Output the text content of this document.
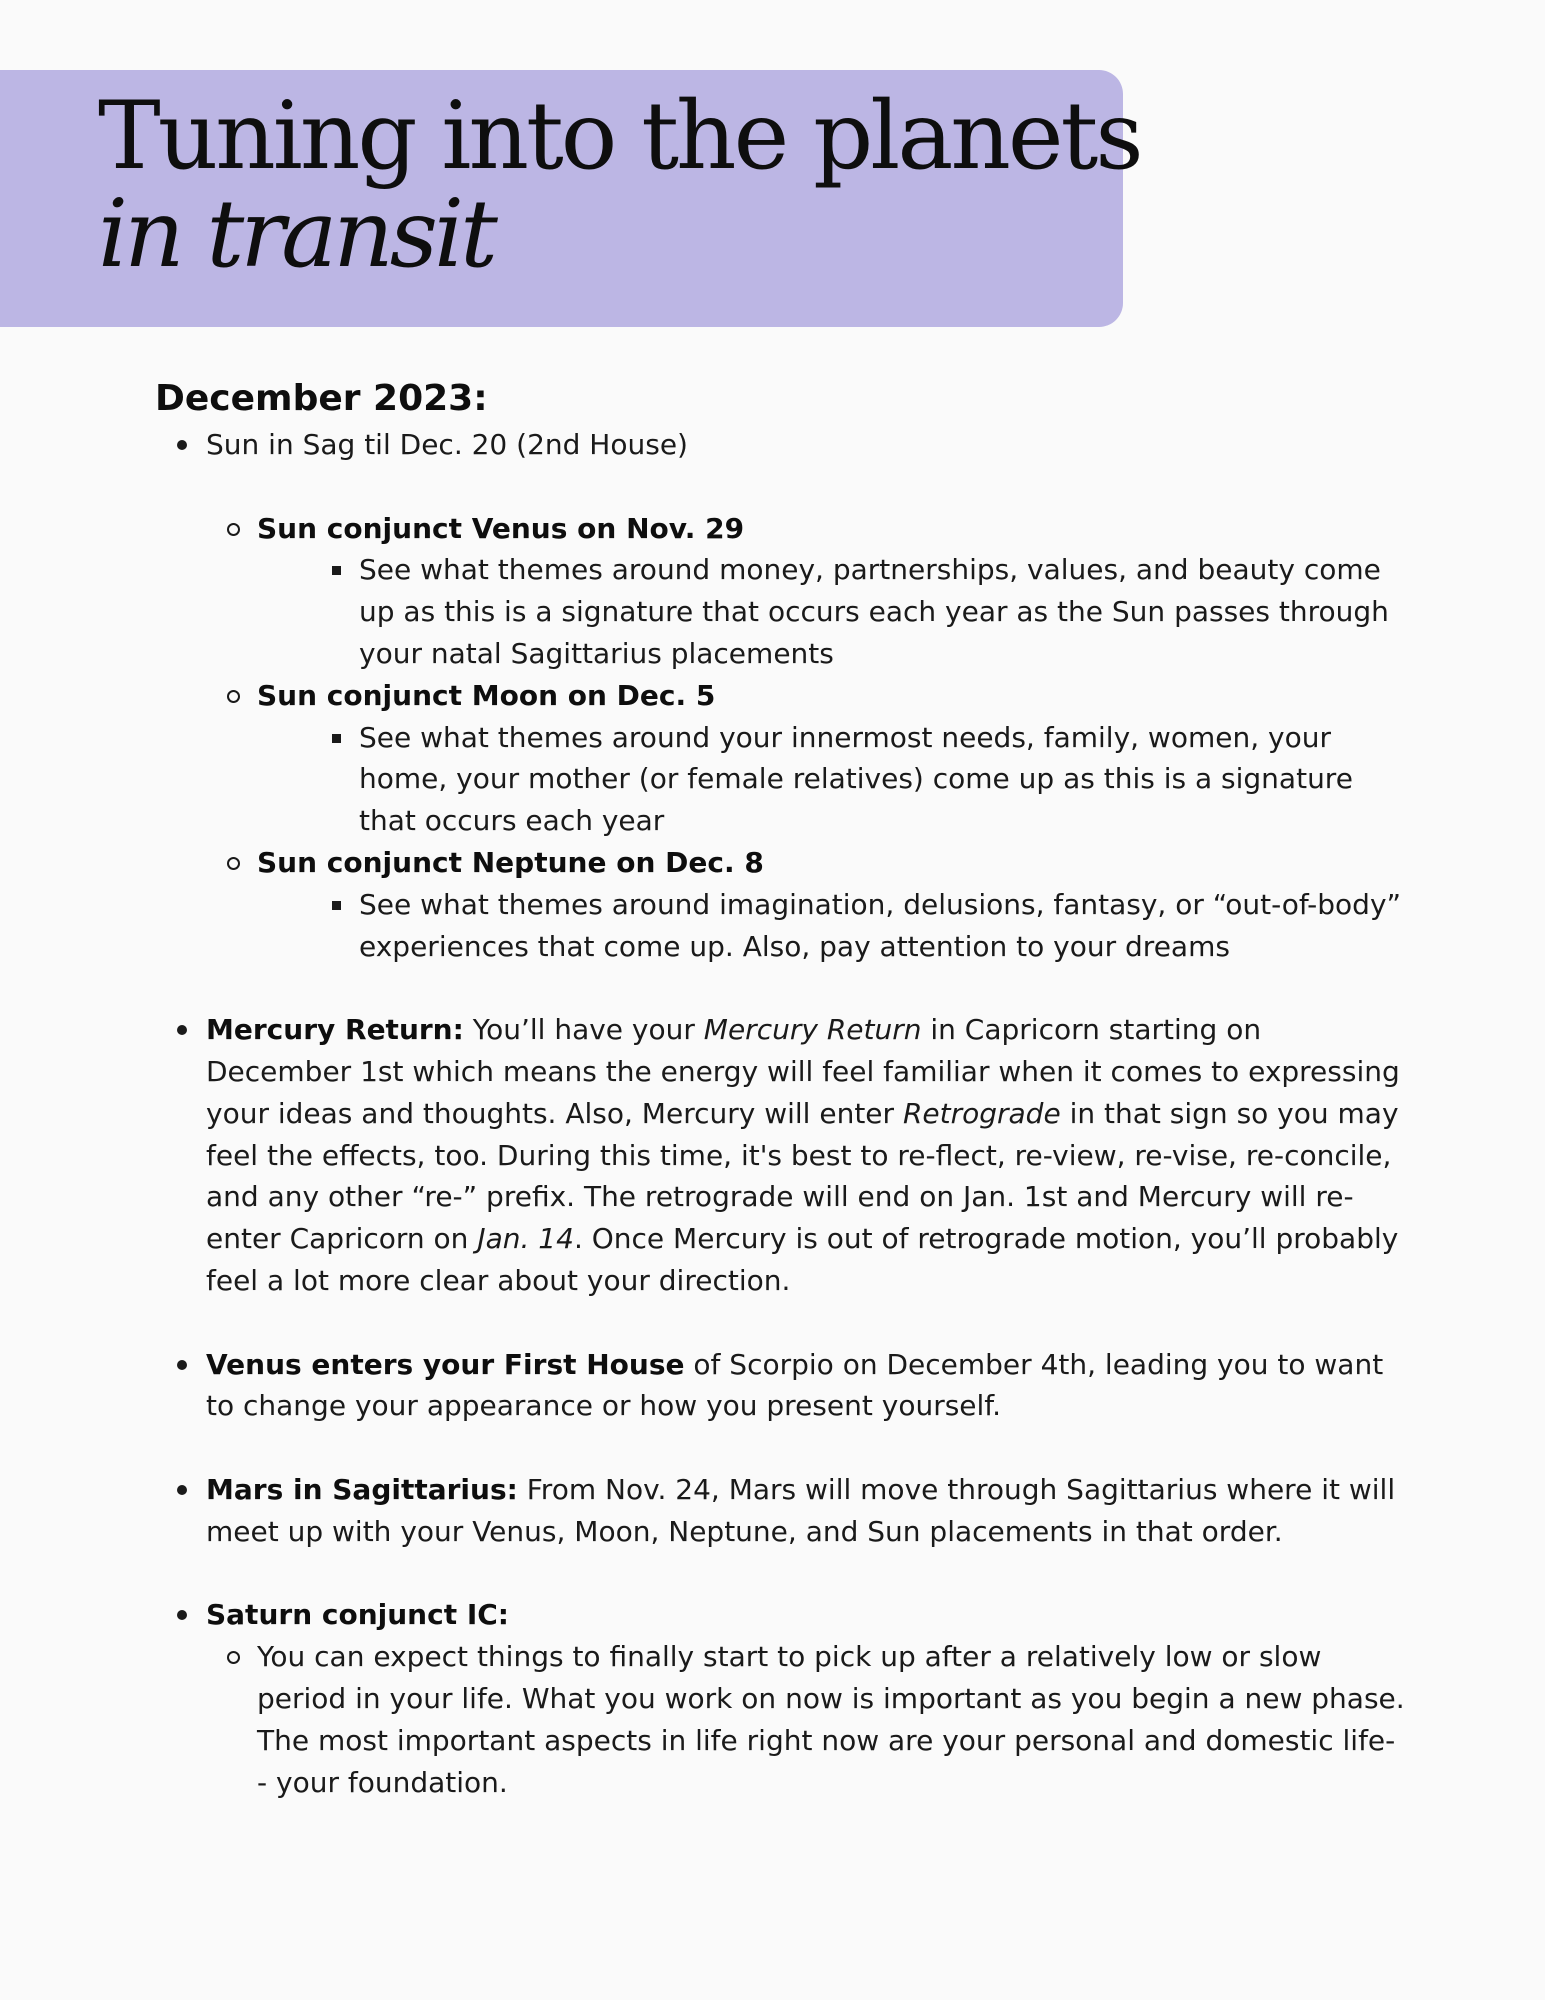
Tuning into the planets
in transit
December 2023:
Sun in Sag til Dec. 20 (2nd House)
Sun conjunct Venus on Nov. 29
See what themes around money, partnerships, values, and beauty come up as this is a signature that occurs each year as the Sun passes through your natal Sagittarius placements
Sun conjunct Moon on Dec. 5
See what themes around your innermost needs, family, women, your home, your mother (or female relatives) come up as this is a signature that occurs each year
Sun conjunct Neptune on Dec. 8
See what themes around imagination, delusions, fantasy, or “out-of-body” experiences that come up. Also, pay attention to your dreams
Mercury Return: You’ll have your Mercury Return in Capricorn starting on December 1st which means the energy will feel familiar when it comes to expressing your ideas and thoughts. Also, Mercury will enter Retrograde in that sign so you may feel the effects, too. During this time, it's best to re-flect, re-view, re-vise, re-concile, and any other “re-” prefix. The retrograde will end on Jan. 1st and Mercury will re-enter Capricorn on Jan. 14. Once Mercury is out of retrograde motion, you’ll probably feel a lot more clear about your direction.
Venus enters your First House of Scorpio on December 4th, leading you to want to change your appearance or how you present yourself.
Mars in Sagittarius: From Nov. 24, Mars will move through Sagittarius where it will meet up with your Venus, Moon, Neptune, and Sun placements in that order.
Saturn conjunct IC:
You can expect things to finally start to pick up after a relatively low or slow period in your life. What you work on now is important as you begin a new phase. The most important aspects in life right now are your personal and domestic life-- your foundation.
